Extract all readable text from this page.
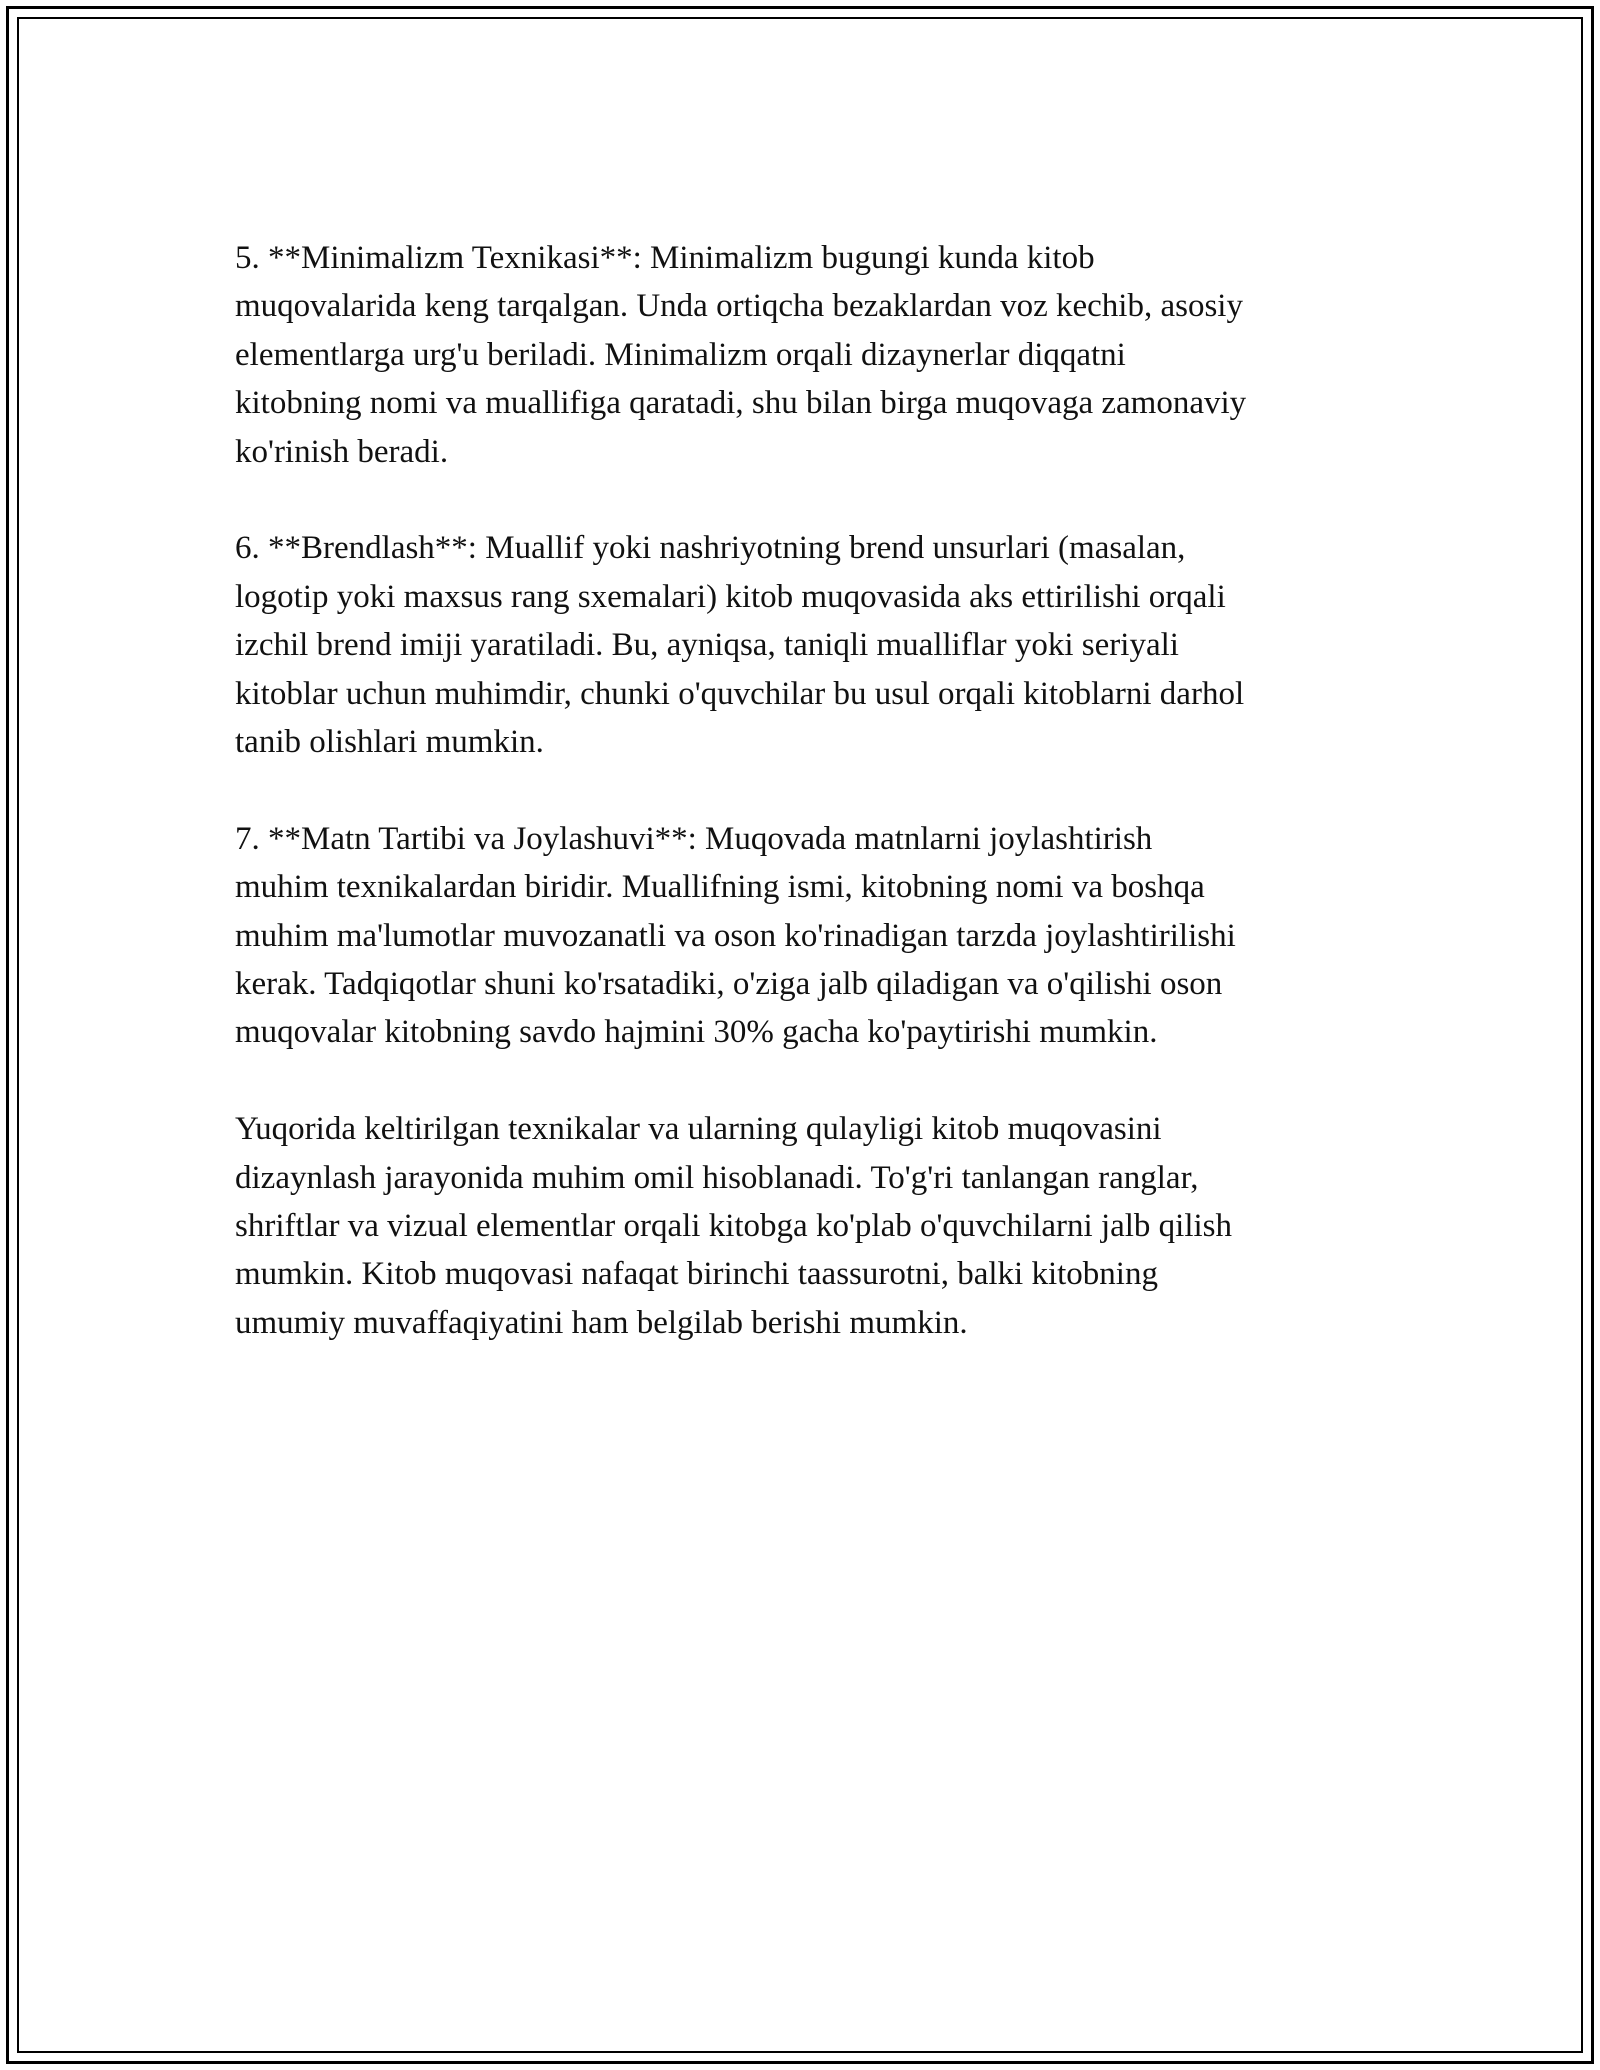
5. **Minimalizm Texnikasi**: Minimalizm bugungi kunda kitob
muqovalarida keng tarqalgan. Unda ortiqcha bezaklardan voz kechib, asosiy
elementlarga urg'u beriladi. Minimalizm orqali dizaynerlar diqqatni
kitobning nomi va muallifiga qaratadi, shu bilan birga muqovaga zamonaviy
ko'rinish beradi.

6. **Brendlash**: Muallif yoki nashriyotning brend unsurlari (masalan,
logotip yoki maxsus rang sxemalari) kitob muqovasida aks ettirilishi orqali
izchil brend imiji yaratiladi. Bu, ayniqsa, taniqli mualliflar yoki seriyali
kitoblar uchun muhimdir, chunki o'quvchilar bu usul orqali kitoblarni darhol
tanib olishlari mumkin.

7. **Matn Tartibi va Joylashuvi**: Muqovada matnlarni joylashtirish
muhim texnikalardan biridir. Muallifning ismi, kitobning nomi va boshqa
muhim ma'lumotlar muvozanatli va oson ko'rinadigan tarzda joylashtirilishi
kerak. Tadqiqotlar shuni ko'rsatadiki, o'ziga jalb qiladigan va o'qilishi oson
muqovalar kitobning savdo hajmini 30% gacha ko'paytirishi mumkin.

Yuqorida keltirilgan texnikalar va ularning qulayligi kitob muqovasini
dizaynlash jarayonida muhim omil hisoblanadi. To'g'ri tanlangan ranglar,
shriftlar va vizual elementlar orqali kitobga ko'plab o'quvchilarni jalb qilish
mumkin. Kitob muqovasi nafaqat birinchi taassurotni, balki kitobning
umumiy muvaffaqiyatini ham belgilab berishi mumkin.
